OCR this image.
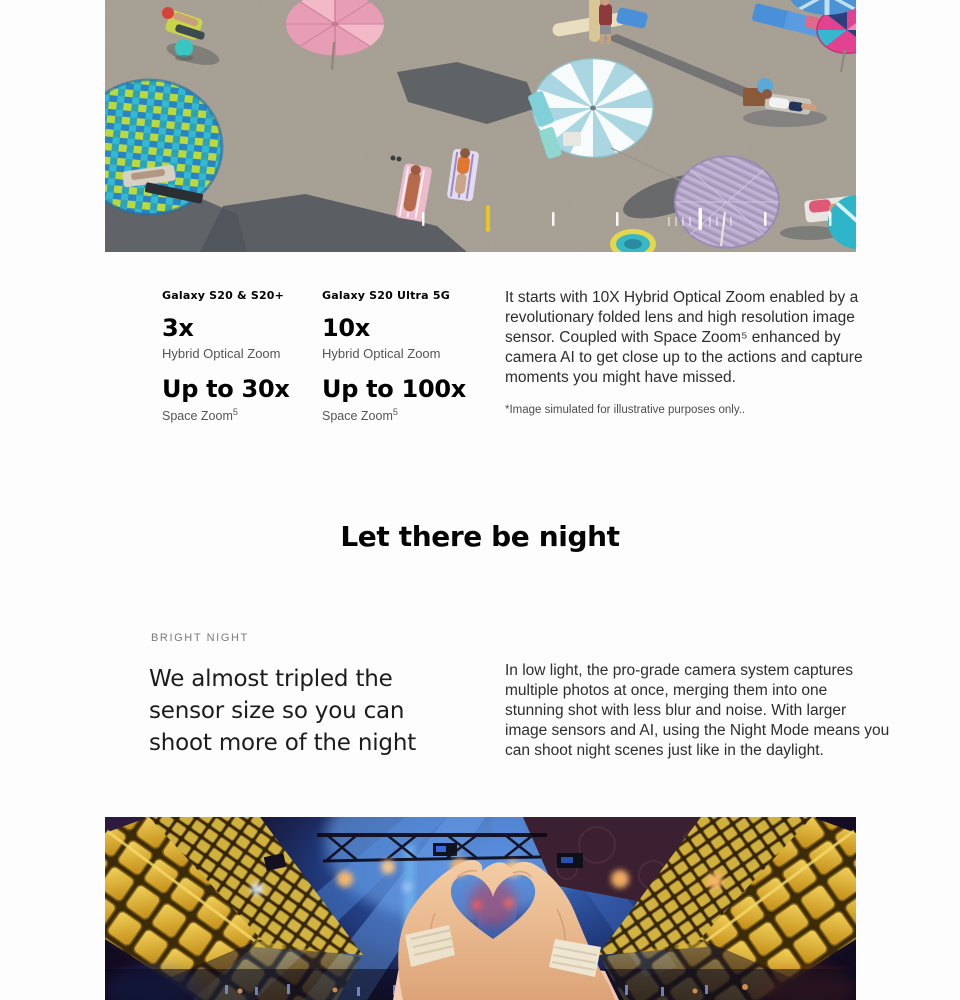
Galaxy S20 & S20+
3x
Hybrid Optical Zoom
Up to 30x
Space Zoom$^5$
Galaxy S20 Ultra 5G
10x
Hybrid Optical Zoom
Up to 100x
Space Zoom$^5$
It starts with 10X Hybrid Optical Zoom enabled by a revolutionary folded lens and high resolution image sensor. Coupled with Space Zoom⁵ enhanced by camera AI to get close up to the actions and capture moments you might have missed.
*Image simulated for illustrative purposes only..
Let there be night
BRIGHT NIGHT
We almost tripled the sensor size so you can shoot more of the night
In low light, the pro-grade camera system captures multiple photos at once, merging them into one stunning shot with less blur and noise. With larger image sensors and AI, using the Night Mode means you can shoot night scenes just like in the daylight.
